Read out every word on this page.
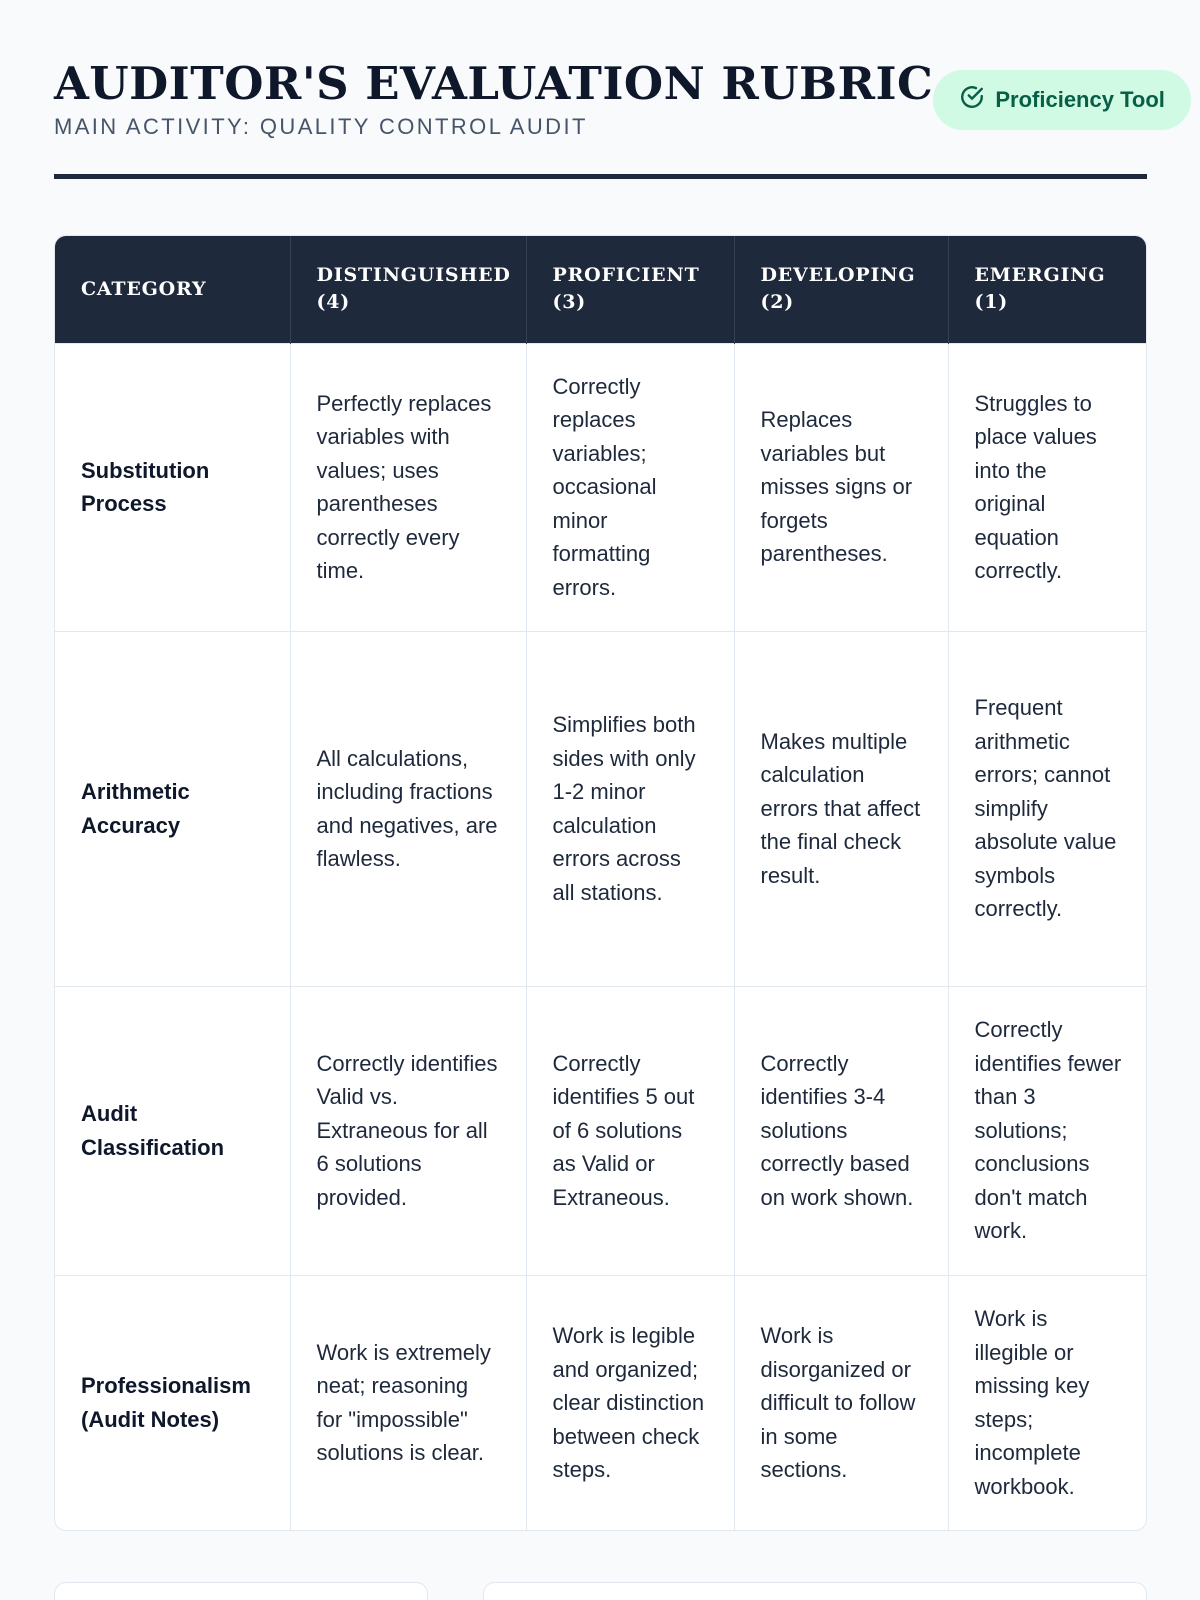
AUDITOR'S EVALUATION RUBRIC
MAIN ACTIVITY: QUALITY CONTROL AUDIT
Proficiency Tool
CATEGORY	DISTINGUISHED (4)	PROFICIENT (3)	DEVELOPING (2)	EMERGING (1)
Substitution Process	Perfectly replaces variables with values; uses parentheses correctly every time.	Correctly replaces variables; occasional minor formatting errors.	Replaces variables but misses signs or forgets parentheses.	Struggles to place values into the original equation correctly.
Arithmetic Accuracy	All calculations, including fractions and negatives, are flawless.	Simplifies both sides with only 1-2 minor calculation errors across all stations.	Makes multiple calculation errors that affect the final check result.	Frequent arithmetic errors; cannot simplify absolute value symbols correctly.
Audit Classification	Correctly identifies Valid vs. Extraneous for all 6 solutions provided.	Correctly identifies 5 out of 6 solutions as Valid or Extraneous.	Correctly identifies 3-4 solutions correctly based on work shown.	Correctly identifies fewer than 3 solutions; conclusions don't match work.
Professionalism (Audit Notes)	Work is extremely neat; reasoning for "impossible" solutions is clear.	Work is legible and organized; clear distinction between check steps.	Work is disorganized or difficult to follow in some sections.	Work is illegible or missing key steps; incomplete workbook.
